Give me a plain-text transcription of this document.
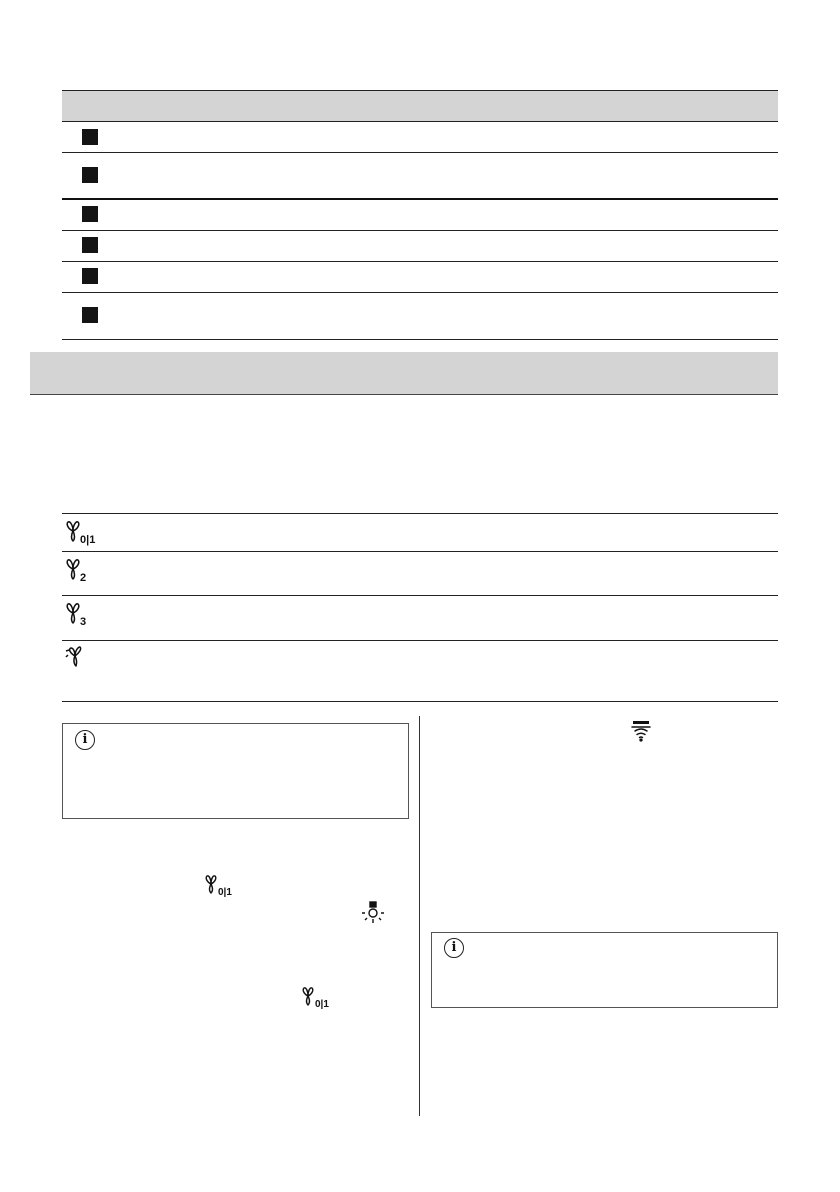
0|1
2
3
i
0|1
0|1
i
